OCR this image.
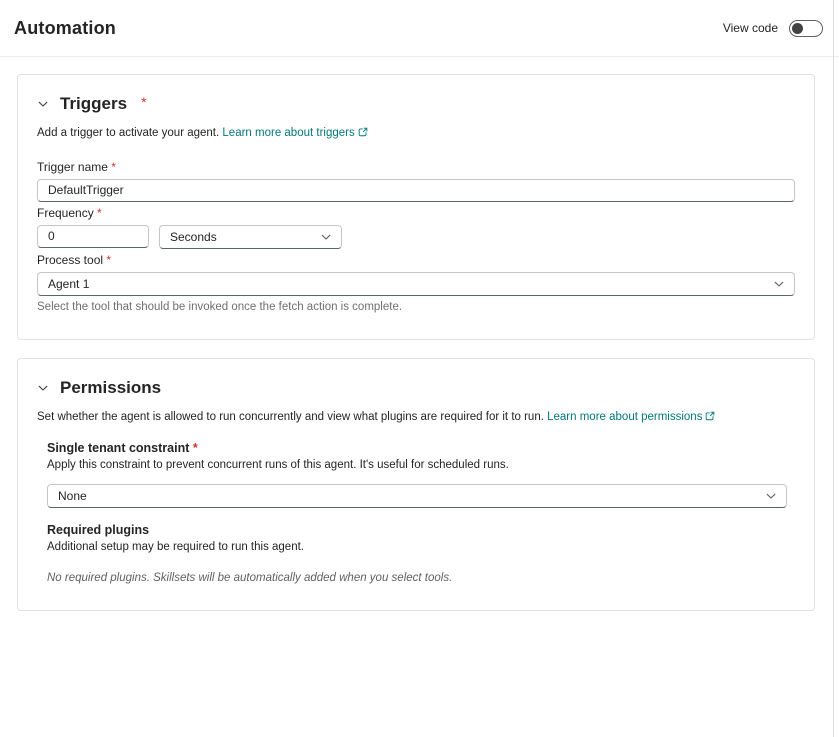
Automation	View code
Triggers *

Add a trigger to activate your agent. Learn more about triggers

Trigger name *
DefaultTrigger
Frequency *
0
Seconds
Process tool *
Agent 1
Select the tool that should be invoked once the fetch action is complete.
Permissions

Set whether the agent is allowed to run concurrently and view what plugins are required for it to run. Learn more about permissions

Single tenant constraint *
Apply this constraint to prevent concurrent runs of this agent. It's useful for scheduled runs.
None
Required plugins
Additional setup may be required to run this agent.
No required plugins. Skillsets will be automatically added when you select tools.
